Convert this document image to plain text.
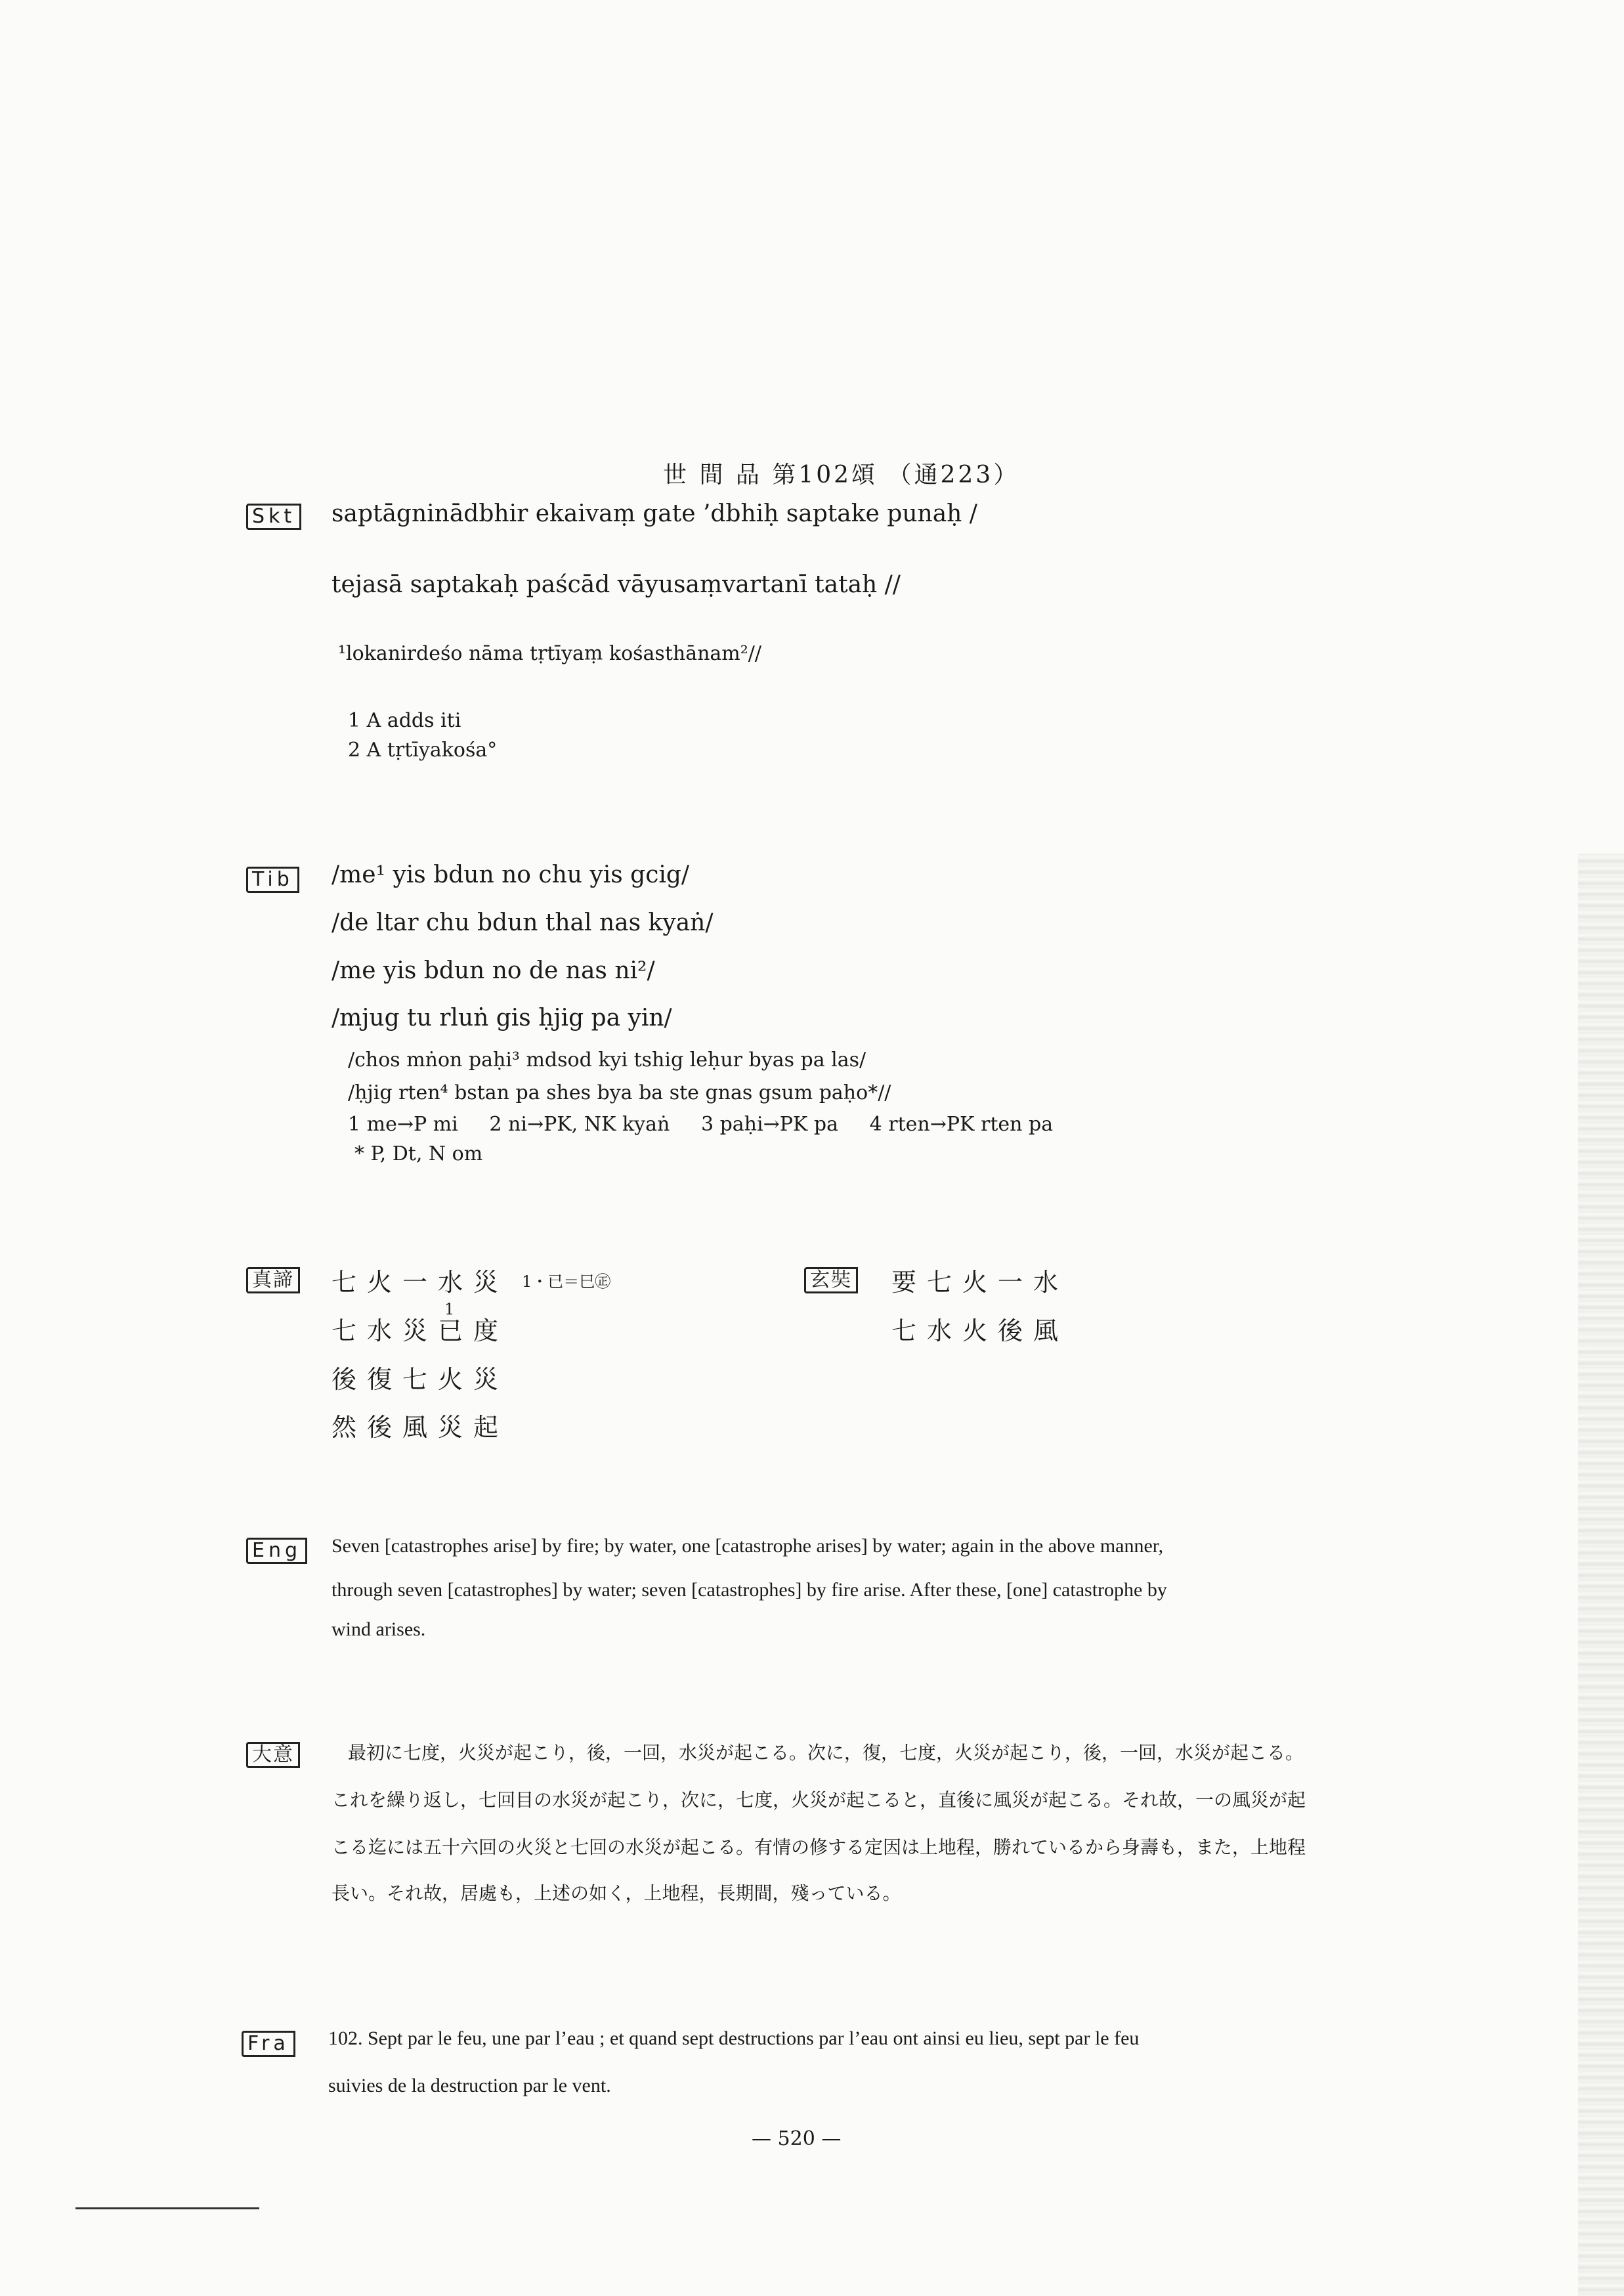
世 間 品 第102頌 （通223）
Skt saptāgninādbhir ekaivaṃ gate ’dbhiḥ saptake punaḥ /
tejasā saptakaḥ paścād vāyusaṃvartanī tataḥ //
¹lokanirdeśo nāma tṛtīyaṃ kośasthānam²//
1 A adds iti
2 A tṛtīyakośa°
Tib /me¹ yis bdun no chu yis gcig/
/de ltar chu bdun thal nas kyaṅ/
/me yis bdun no de nas ni²/
/mjug tu rluṅ gis ḥjig pa yin/
/chos mṅon paḥi³ mdsod kyi tshig leḥur byas pa las/
/ḥjig rten⁴ bstan pa shes bya ba ste gnas gsum paḥo*//
1 me→P mi     2 ni→PK, NK kyaṅ     3 paḥi→PK pa     4 rten→PK rten pa
* P, Dt, N om
真諦 七火一水災 1・已＝巳㊣
七水災已度
1
後復七火災
然後風災起
玄奘 要七火一水
七水火後風
Eng	Seven [catastrophes arise] by fire; by water, one [catastrophe arises] by water; again in the above manner,
through seven [catastrophes] by water; seven [catastrophes] by fire arise. After these, [one] catastrophe by
wind arises.
大意	最初に七度，火災が起こり，後，一回，水災が起こる。次に，復，七度，火災が起こり，後，一回，水災が起こる。
これを繰り返し，七回目の水災が起こり，次に，七度，火災が起こると，直後に風災が起こる。それ故，一の風災が起
こる迄には五十六回の火災と七回の水災が起こる。有情の修する定因は上地程，勝れているから身壽も，また，上地程
長い。それ故，居處も，上述の如く，上地程，長期間，殘っている。
Fra	102. Sept par le feu, une par l’eau ; et quand sept destructions par l’eau ont ainsi eu lieu, sept par le feu
suivies de la destruction par le vent.
— 520 —
